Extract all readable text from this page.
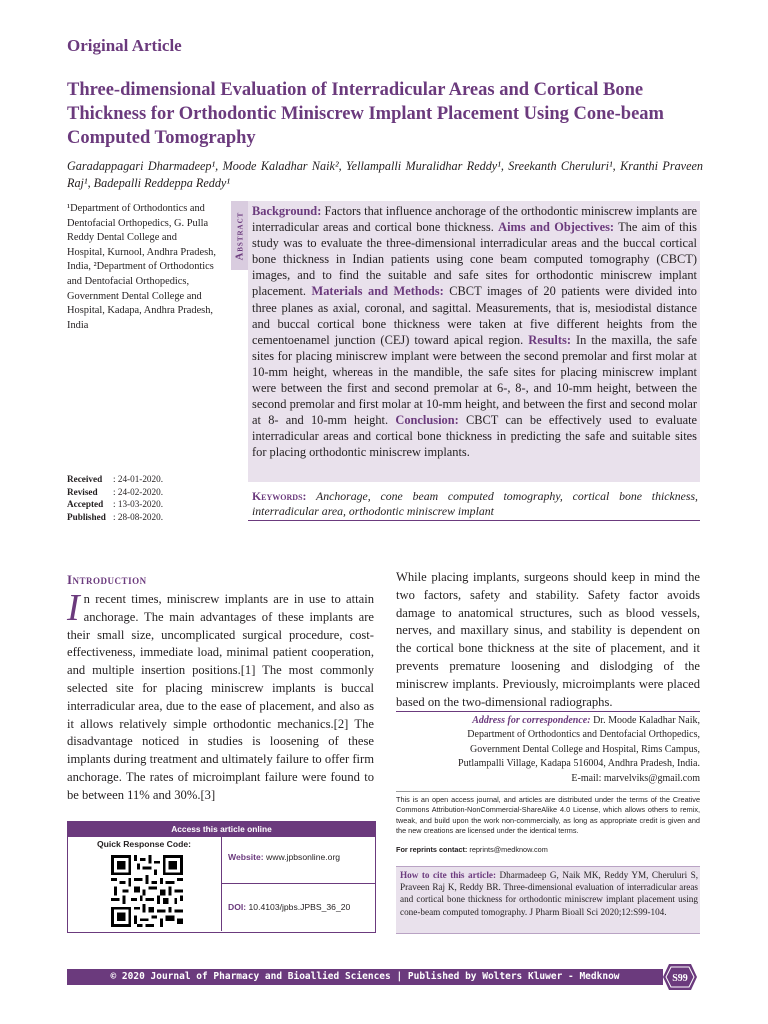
Original Article
Three-dimensional Evaluation of Interradicular Areas and Cortical Bone Thickness for Orthodontic Miniscrew Implant Placement Using Cone-beam Computed Tomography
Garadappagari Dharmadeep¹, Moode Kaladhar Naik², Yellampalli Muralidhar Reddy¹, Sreekanth Cheruluri¹, Kranthi Praveen Raj¹, Badepalli Reddeppa Reddy¹

¹Department of Orthodontics and Dentofacial Orthopedics, G. Pulla Reddy Dental College and Hospital, Kurnool, Andhra Pradesh, India, ²Department of Orthodontics and Dentofacial Orthopedics, Government Dental College and Hospital, Kadapa, Andhra Pradesh, India

Received : 24-01-2020.
Revised : 24-02-2020.
Accepted : 13-03-2020.
Published : 28-08-2020.
Abstract
Background: Factors that influence anchorage of the orthodontic miniscrew implants are interradicular areas and cortical bone thickness. Aims and Objectives: The aim of this study was to evaluate the three-dimensional interradicular areas and the buccal cortical bone thickness in Indian patients using cone beam computed tomography (CBCT) images, and to find the suitable and safe sites for orthodontic miniscrew implant placement. Materials and Methods: CBCT images of 20 patients were divided into three planes as axial, coronal, and sagittal. Measurements, that is, mesiodistal distance and buccal cortical bone thickness were taken at five different heights from the cementoenamel junction (CEJ) toward apical region. Results: In the maxilla, the safe sites for placing miniscrew implant were between the second premolar and first molar at 10-mm height, whereas in the mandible, the safe sites for placing miniscrew implant were between the first and second premolar at 6-, 8-, and 10-mm height, between the second premolar and first molar at 10-mm height, and between the first and second molar at 8- and 10-mm height. Conclusion: CBCT can be effectively used to evaluate interradicular areas and cortical bone thickness in predicting the safe and suitable sites for placing orthodontic miniscrew implants.
Keywords: Anchorage, cone beam computed tomography, cortical bone thickness, interradicular area, orthodontic miniscrew implant
Introduction
In recent times, miniscrew implants are in use to attain anchorage. The main advantages of these implants are their small size, uncomplicated surgical procedure, cost-effectiveness, immediate load, minimal patient cooperation, and multiple insertion positions.[1] The most commonly selected site for placing miniscrew implants is buccal interradicular area, due to the ease of placement, and also as it allows relatively simple orthodontic mechanics.[2] The disadvantage noticed in studies is loosening of these implants during treatment and ultimately failure to offer firm anchorage. The rates of microimplant failure were found to be between 11% and 30%.[3]
While placing implants, surgeons should keep in mind the two factors, safety and stability. Safety factor avoids damage to anatomical structures, such as blood vessels, nerves, and maxillary sinus, and stability is dependent on the cortical bone thickness at the site of placement, and it prevents premature loosening and dislodging of the miniscrew implants. Previously, microimplants were placed based on the two-dimensional radiographs.
Address for correspondence: Dr. Moode Kaladhar Naik,
Department of Orthodontics and Dentofacial Orthopedics,
Government Dental College and Hospital, Rims Campus,
Putlampalli Village, Kadapa 516004, Andhra Pradesh, India.
E-mail: marvelviks@gmail.com
This is an open access journal, and articles are distributed under the terms of the Creative Commons Attribution-NonCommercial-ShareAlike 4.0 License, which allows others to remix, tweak, and build upon the work non-commercially, as long as appropriate credit is given and the new creations are licensed under the identical terms.
For reprints contact: reprints@medknow.com
How to cite this article: Dharmadeep G, Naik MK, Reddy YM, Cheruluri S, Praveen Raj K, Reddy BR. Three-dimensional evaluation of interradicular areas and cortical bone thickness for orthodontic miniscrew implant placement using cone-beam computed tomography. J Pharm Bioall Sci 2020;12:S99-104.
Access this article online
Quick Response Code:
Website: www.jpbsonline.org
DOI: 10.4103/jpbs.JPBS_36_20
© 2020 Journal of Pharmacy and Bioallied Sciences | Published by Wolters Kluwer - Medknow	S99
